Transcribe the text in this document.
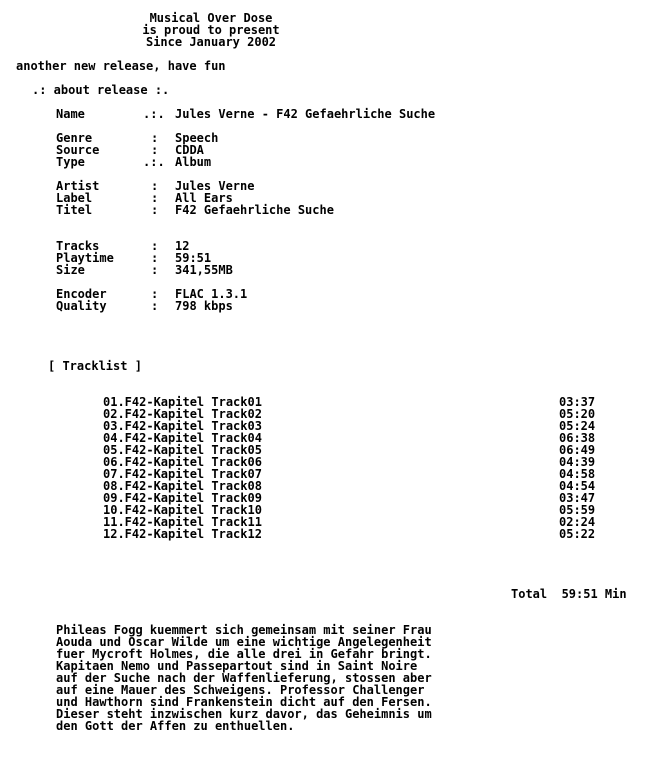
Musical Over Dose
is proud to present
Since January 2002
another new release, have fun
.: about release :.
Name	.:. Jules Verne - F42 Gefaehrliche Suche
Genre	: Speech
Source	: CDDA
Type	.:. Album
Artist	: Jules Verne
Label	: All Ears
Titel	: F42 Gefaehrliche Suche
Tracks	: 12
Playtime	: 59:51
Size	: 341,55MB
Encoder	: FLAC 1.3.1
Quality	: 798 kbps
[ Tracklist ]
01.F42-Kapitel Track01	03:37
02.F42-Kapitel Track02	05:20
03.F42-Kapitel Track03	05:24
04.F42-Kapitel Track04	06:38
05.F42-Kapitel Track05	06:49
06.F42-Kapitel Track06	04:39
07.F42-Kapitel Track07	04:58
08.F42-Kapitel Track08	04:54
09.F42-Kapitel Track09	03:47
10.F42-Kapitel Track10	05:59
11.F42-Kapitel Track11	02:24
12.F42-Kapitel Track12	05:22
Total  59:51 Min
Phileas Fogg kuemmert sich gemeinsam mit seiner Frau
Aouda und Oscar Wilde um eine wichtige Angelegenheit
fuer Mycroft Holmes, die alle drei in Gefahr bringt.
Kapitaen Nemo und Passepartout sind in Saint Noire
auf der Suche nach der Waffenlieferung, stossen aber
auf eine Mauer des Schweigens. Professor Challenger
und Hawthorn sind Frankenstein dicht auf den Fersen.
Dieser steht inzwischen kurz davor, das Geheimnis um
den Gott der Affen zu enthuellen.
